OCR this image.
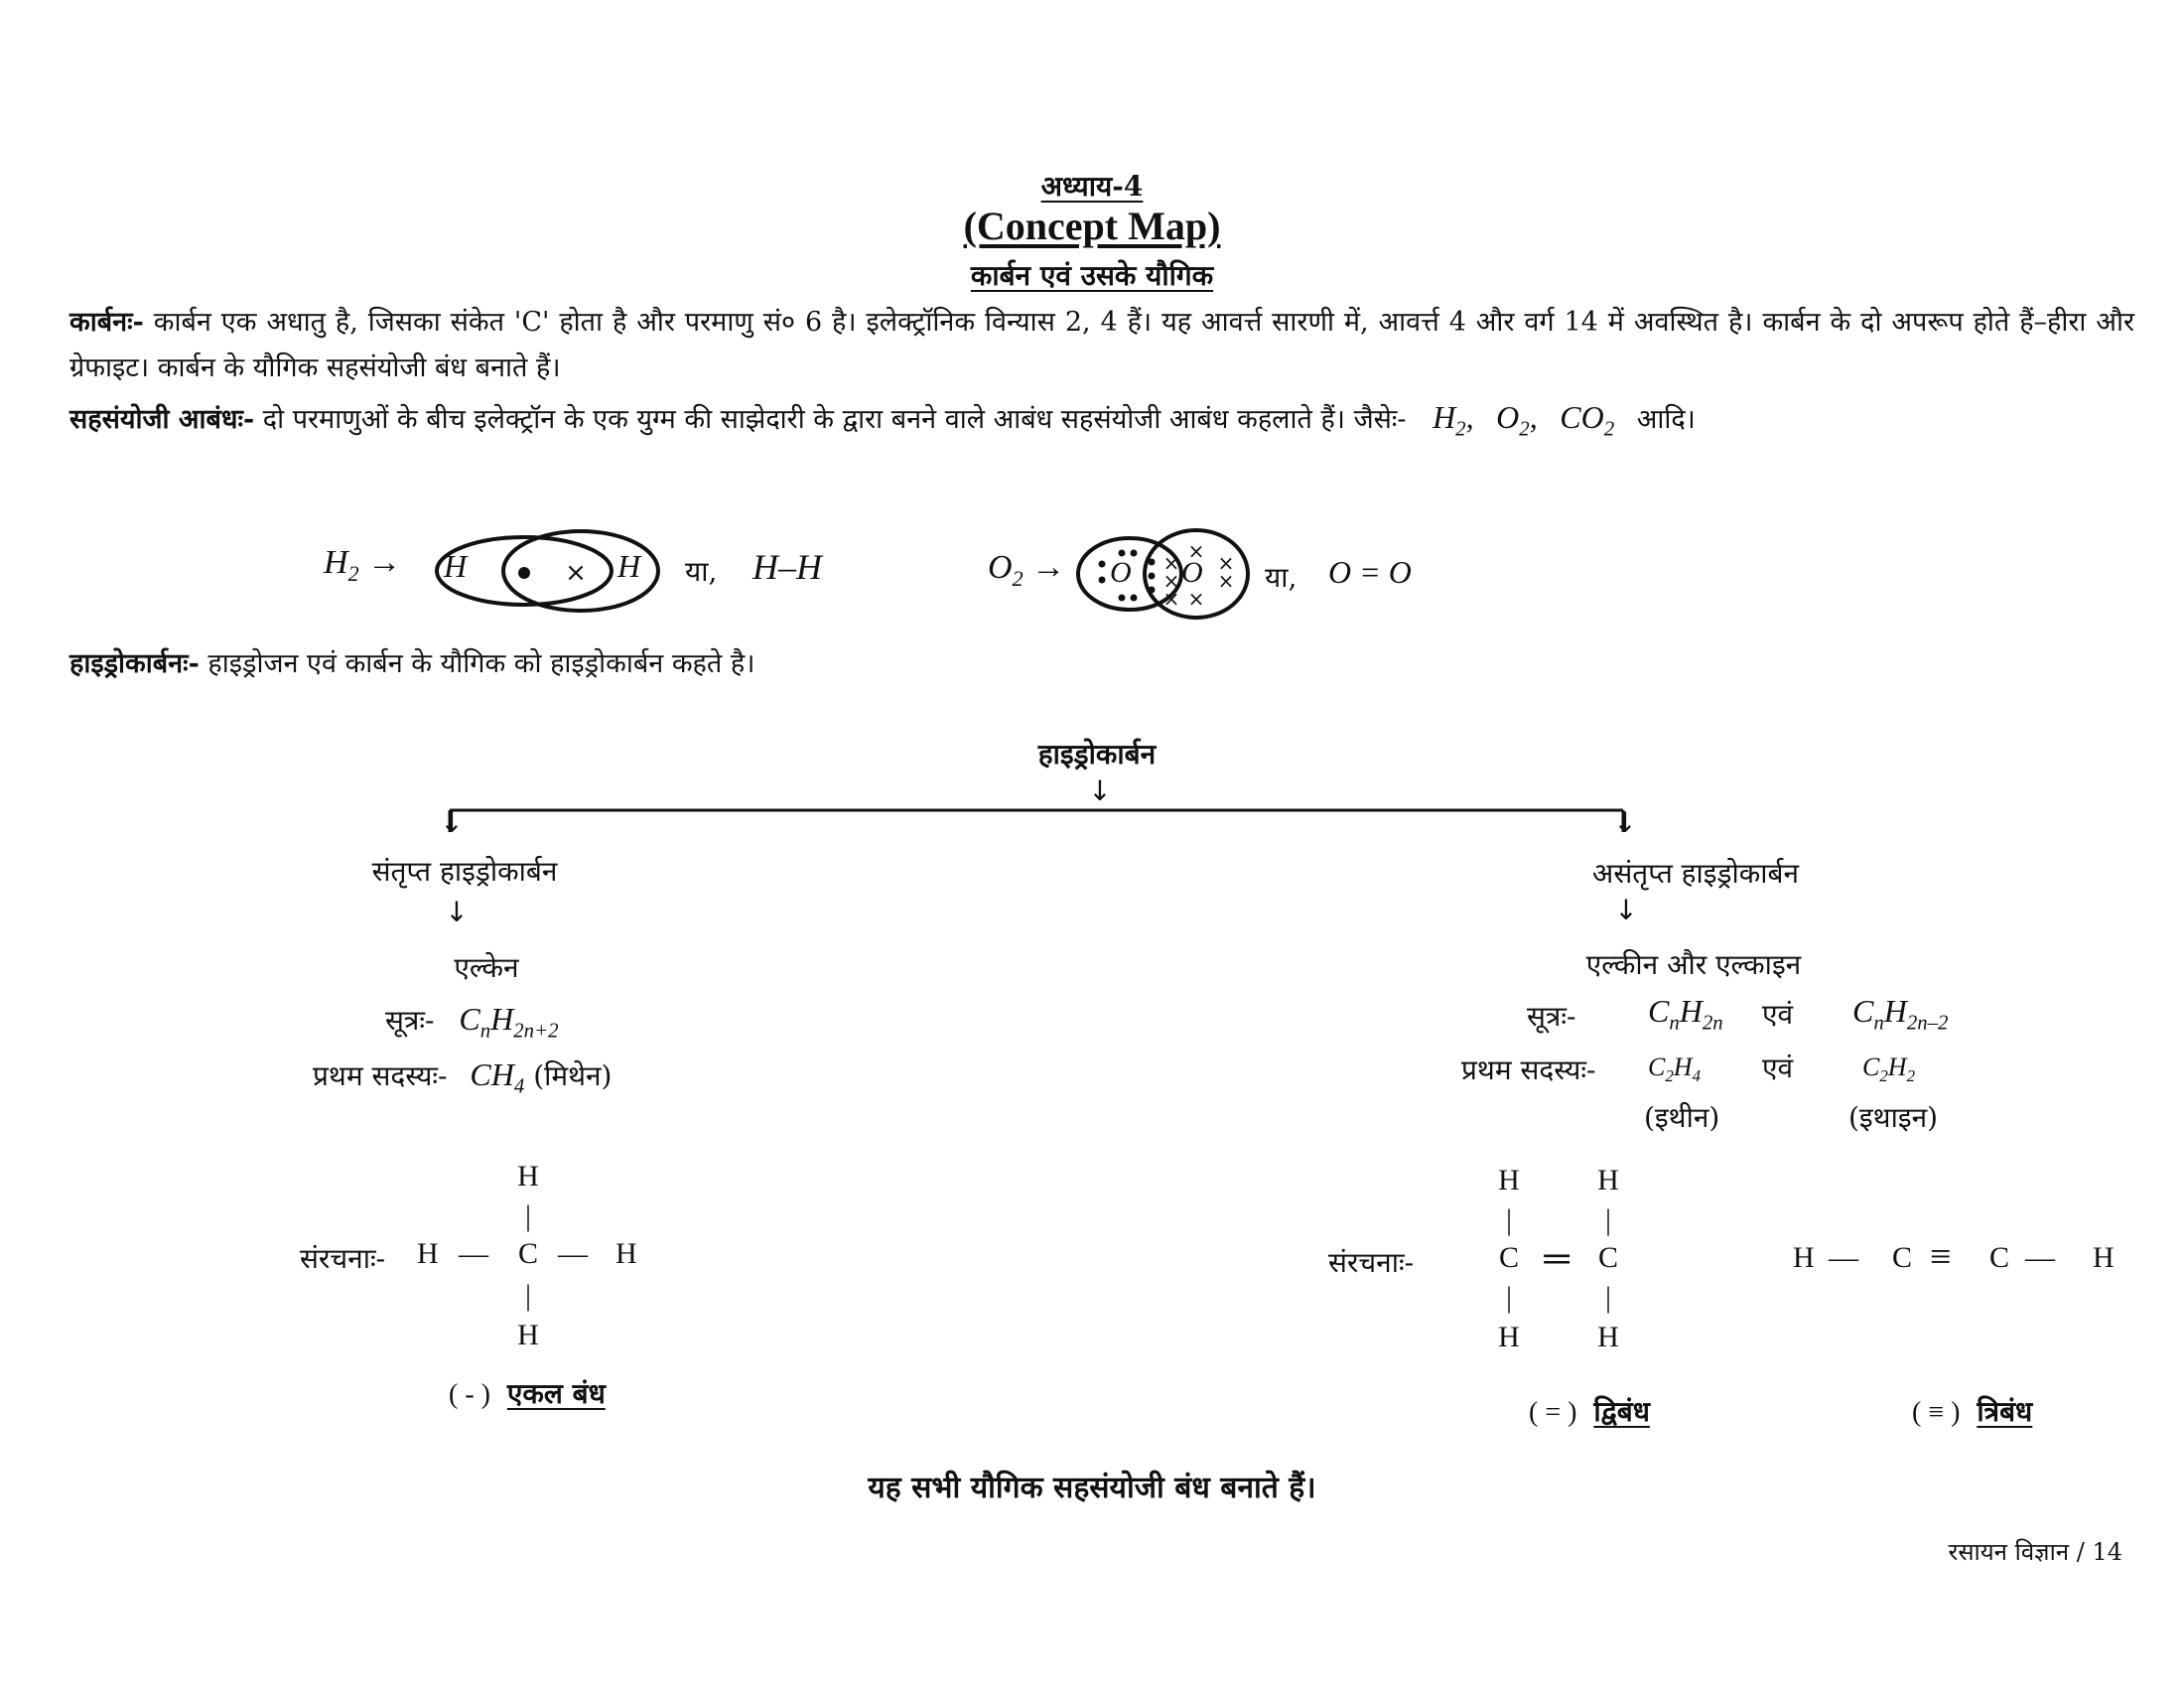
अध्याय-4
(Concept Map)
कार्बन एवं उसके यौगिक
कार्बनः- कार्बन एक अधातु है, जिसका संकेत 'C' होता है और परमाणु सं० 6 है। इलेक्ट्रॉनिक विन्यास 2, 4 हैं। यह आवर्त्त सारणी में, आवर्त्त 4 और वर्ग 14 में अवस्थित है। कार्बन के दो अपरूप होते हैं–हीरा और ग्रेफाइट। कार्बन के यौगिक सहसंयोजी बंध बनाते हैं।
सहसंयोजी आबंधः- दो परमाणुओं के बीच इलेक्ट्रॉन के एक युग्म की साझेदारी के द्वारा बनने वाले आबंध सहसंयोजी आबंध कहलाते हैं। जैसेः- $H_2$, $O_2$, $CO_2$ आदि।
$H_2$ →	×	×
×
×
×
×
×
×
H	H या, H–H	$O_2 \to O$ O या, O = O
हाइड्रोकार्बनः- हाइड्रोजन एवं कार्बन के यौगिक को हाइड्रोकार्बन कहते है।
हाइड्रोकार्बन
↓
↓	↓
संतृप्त हाइड्रोकार्बन
↓
एल्केन
सूत्रः- $C_nH_{2n+2}$
प्रथम सदस्यः- $CH_4$ (मिथेन)
H
|
संरचनाः- H — C — H
|
H
( - ) एकल बंध
असंतृप्त हाइड्रोकार्बन
↓
एल्कीन और एल्काइन
सूत्रः- $C_nH_{2n}$ एवं $C_nH_{2n-2}$
प्रथम सदस्यः- $C_2H_4$ एवं	$C_2H_2$
(इथीन)	(इथाइन)
संरचनाः-
H	H
|	|
C ═ C
|	|
H	H
( = ) द्विबंध
H — C ≡ C — H
( ≡ ) त्रिबंध
यह सभी यौगिक सहसंयोजी बंध बनाते हैं।
रसायन विज्ञान / 14
